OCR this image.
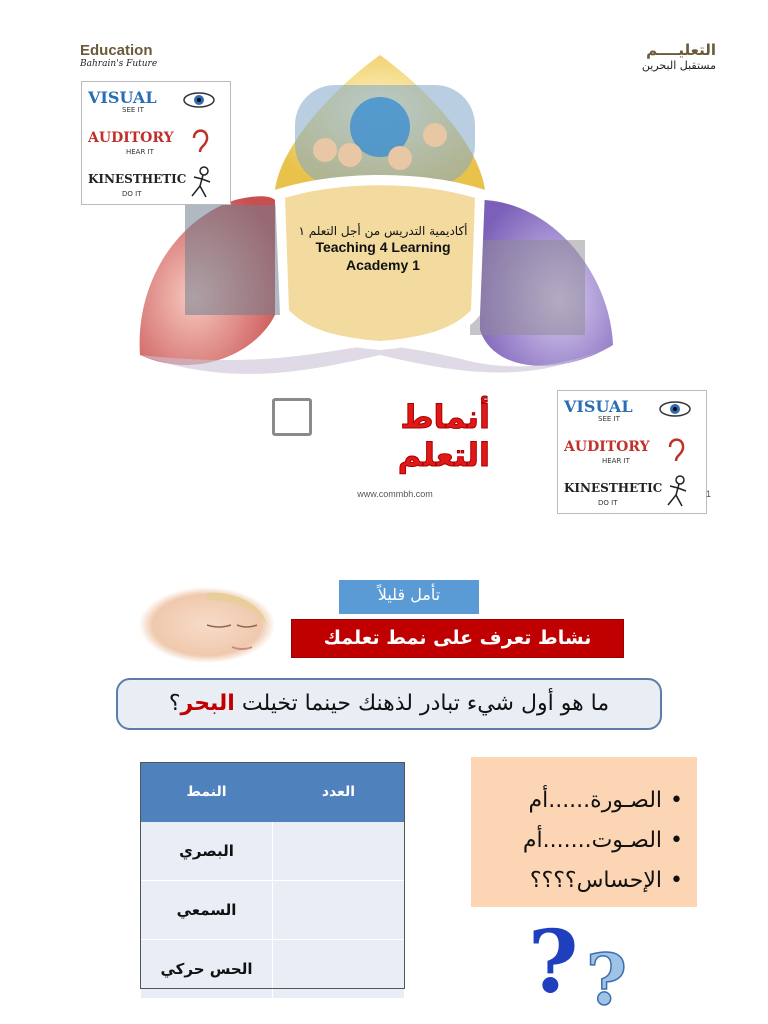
Education
Bahrain's Future
التعليــــم
مستقبل البحرين
أكاديمية التدريس من أجل التعلم ١
Teaching 4 Learning
Academy 1
VISUAL
SEE IT
AUDITORY
HEAR IT
KINESTHETIC
DO IT
VISUAL
SEE IT
AUDITORY
HEAR IT
KINESTHETIC
DO IT
أنماط التعلم
www.commbh.com	1
تأمل قليلاً
نشاط تعرف على نمط تعلمك
ما هو أول شيء تبادر لذهنك حينما تخيلت البحر؟
النمط	العدد
البصري	
السمعي	
الحس حركي	
• الصـورة......أم
• الصـوت.......أم
• الإحساس؟؟؟؟
? ?
